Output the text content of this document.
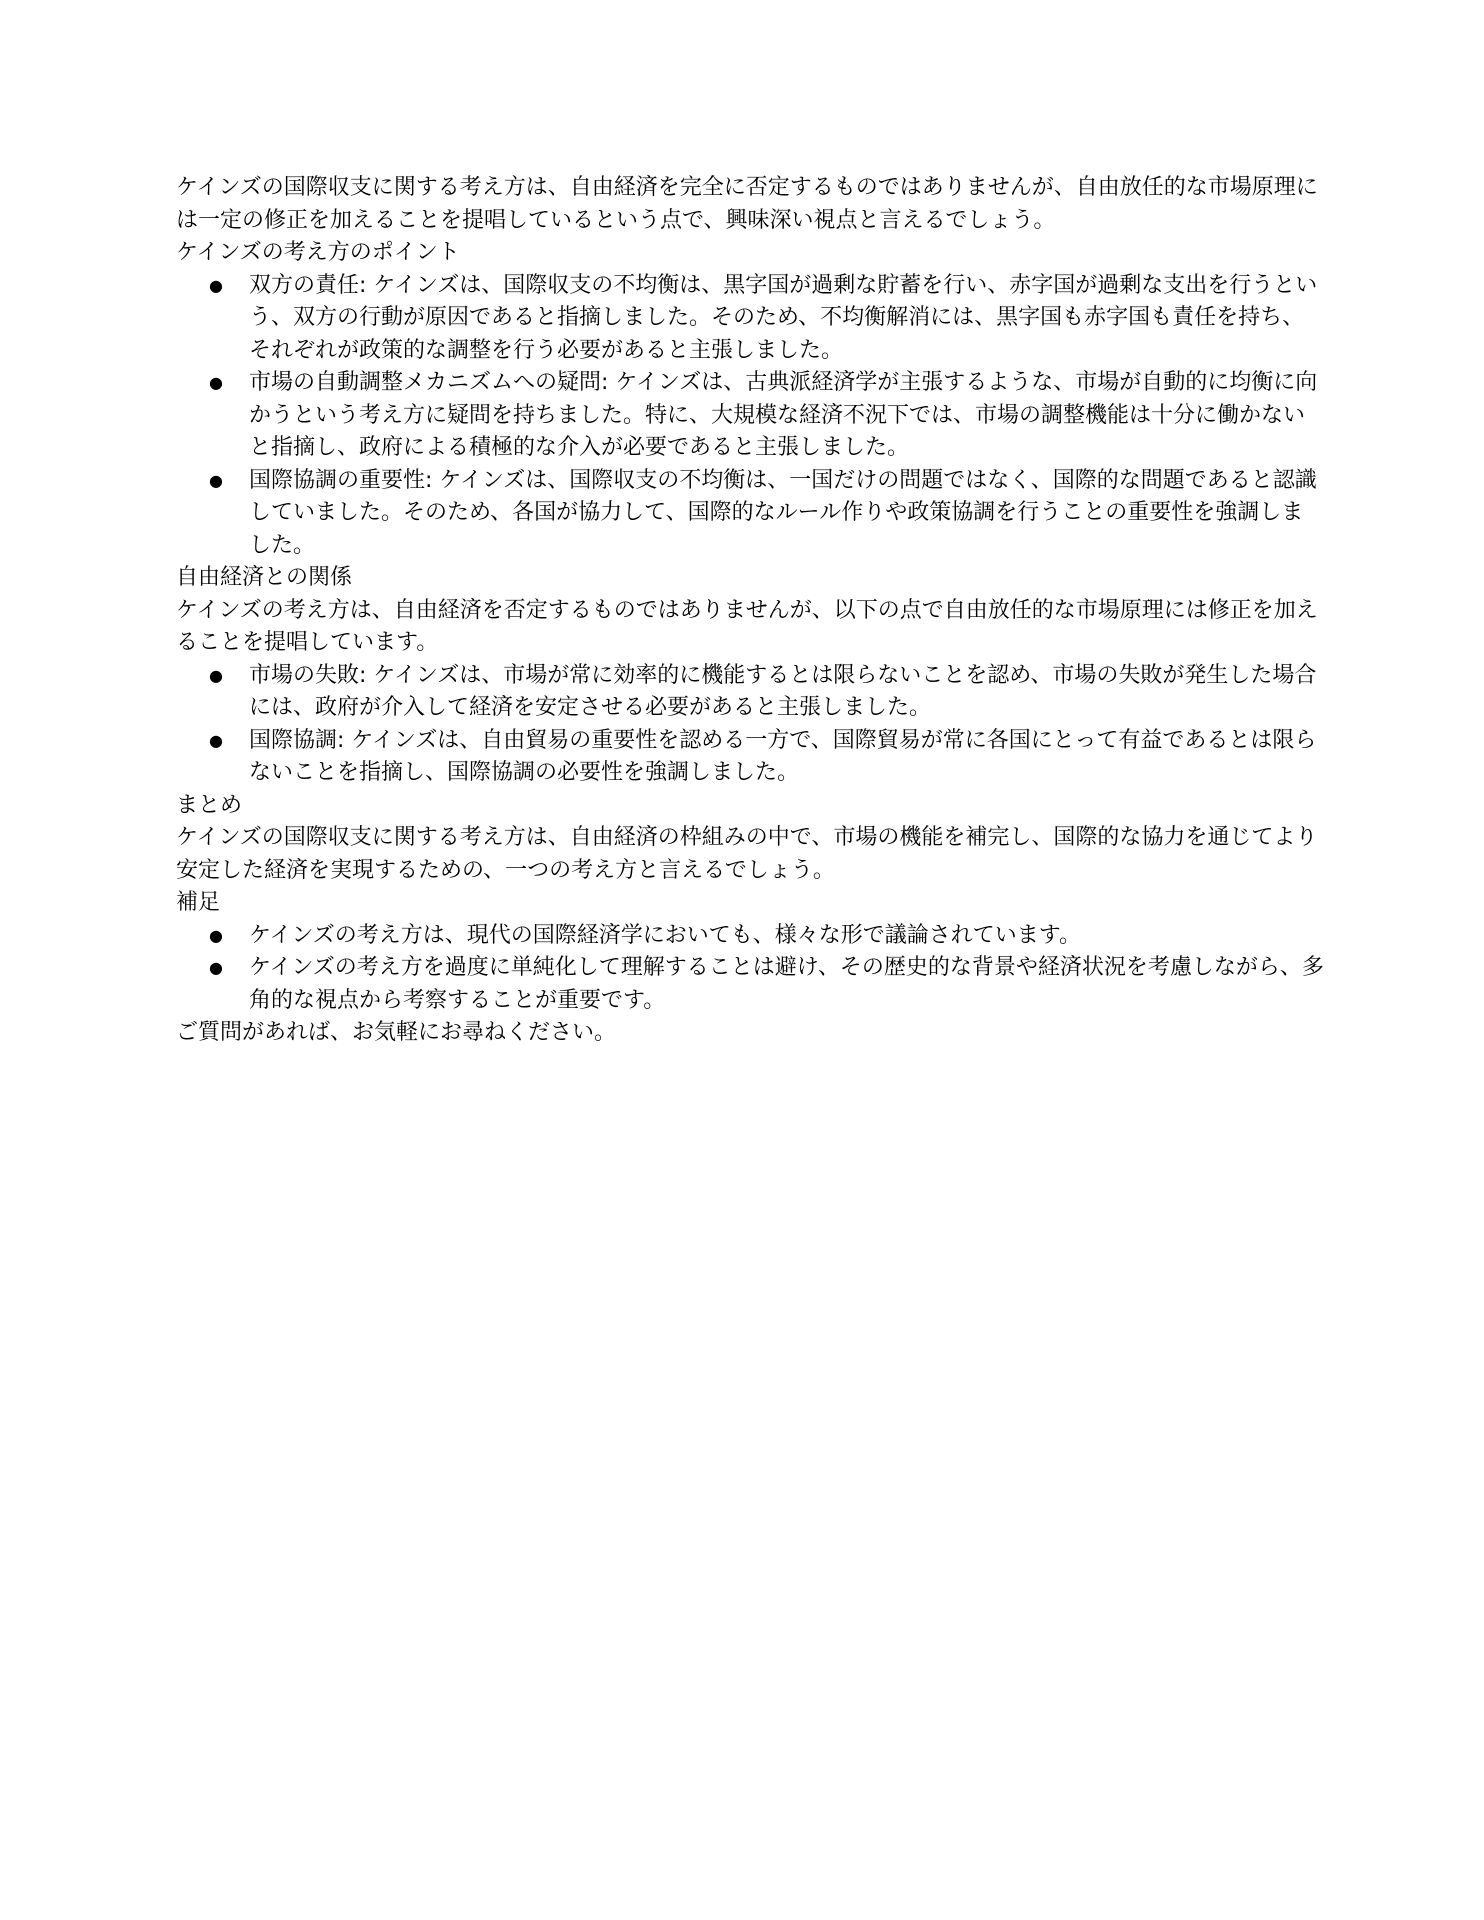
ケインズの国際収支に関する考え方は、自由経済を完全に否定するものではありませんが、自由放任的な市場原理には一定の修正を加えることを提唱しているという点で、興味深い視点と言えるでしょう。

ケインズの考え方のポイント

● 双方の責任: ケインズは、国際収支の不均衡は、黒字国が過剰な貯蓄を行い、赤字国が過剰な支出を行うという、双方の行動が原因であると指摘しました。そのため、不均衡解消には、黒字国も赤字国も責任を持ち、それぞれが政策的な調整を行う必要があると主張しました。
● 市場の自動調整メカニズムへの疑問: ケインズは、古典派経済学が主張するような、市場が自動的に均衡に向かうという考え方に疑問を持ちました。特に、大規模な経済不況下では、市場の調整機能は十分に働かないと指摘し、政府による積極的な介入が必要であると主張しました。
● 国際協調の重要性: ケインズは、国際収支の不均衡は、一国だけの問題ではなく、国際的な問題であると認識していました。そのため、各国が協力して、国際的なルール作りや政策協調を行うことの重要性を強調しました。

自由経済との関係

ケインズの考え方は、自由経済を否定するものではありませんが、以下の点で自由放任的な市場原理には修正を加えることを提唱しています。

● 市場の失敗: ケインズは、市場が常に効率的に機能するとは限らないことを認め、市場の失敗が発生した場合には、政府が介入して経済を安定させる必要があると主張しました。
● 国際協調: ケインズは、自由貿易の重要性を認める一方で、国際貿易が常に各国にとって有益であるとは限らないことを指摘し、国際協調の必要性を強調しました。

まとめ

ケインズの国際収支に関する考え方は、自由経済の枠組みの中で、市場の機能を補完し、国際的な協力を通じてより安定した経済を実現するための、一つの考え方と言えるでしょう。

補足

● ケインズの考え方は、現代の国際経済学においても、様々な形で議論されています。
● ケインズの考え方を過度に単純化して理解することは避け、その歴史的な背景や経済状況を考慮しながら、多角的な視点から考察することが重要です。

ご質問があれば、お気軽にお尋ねください。
